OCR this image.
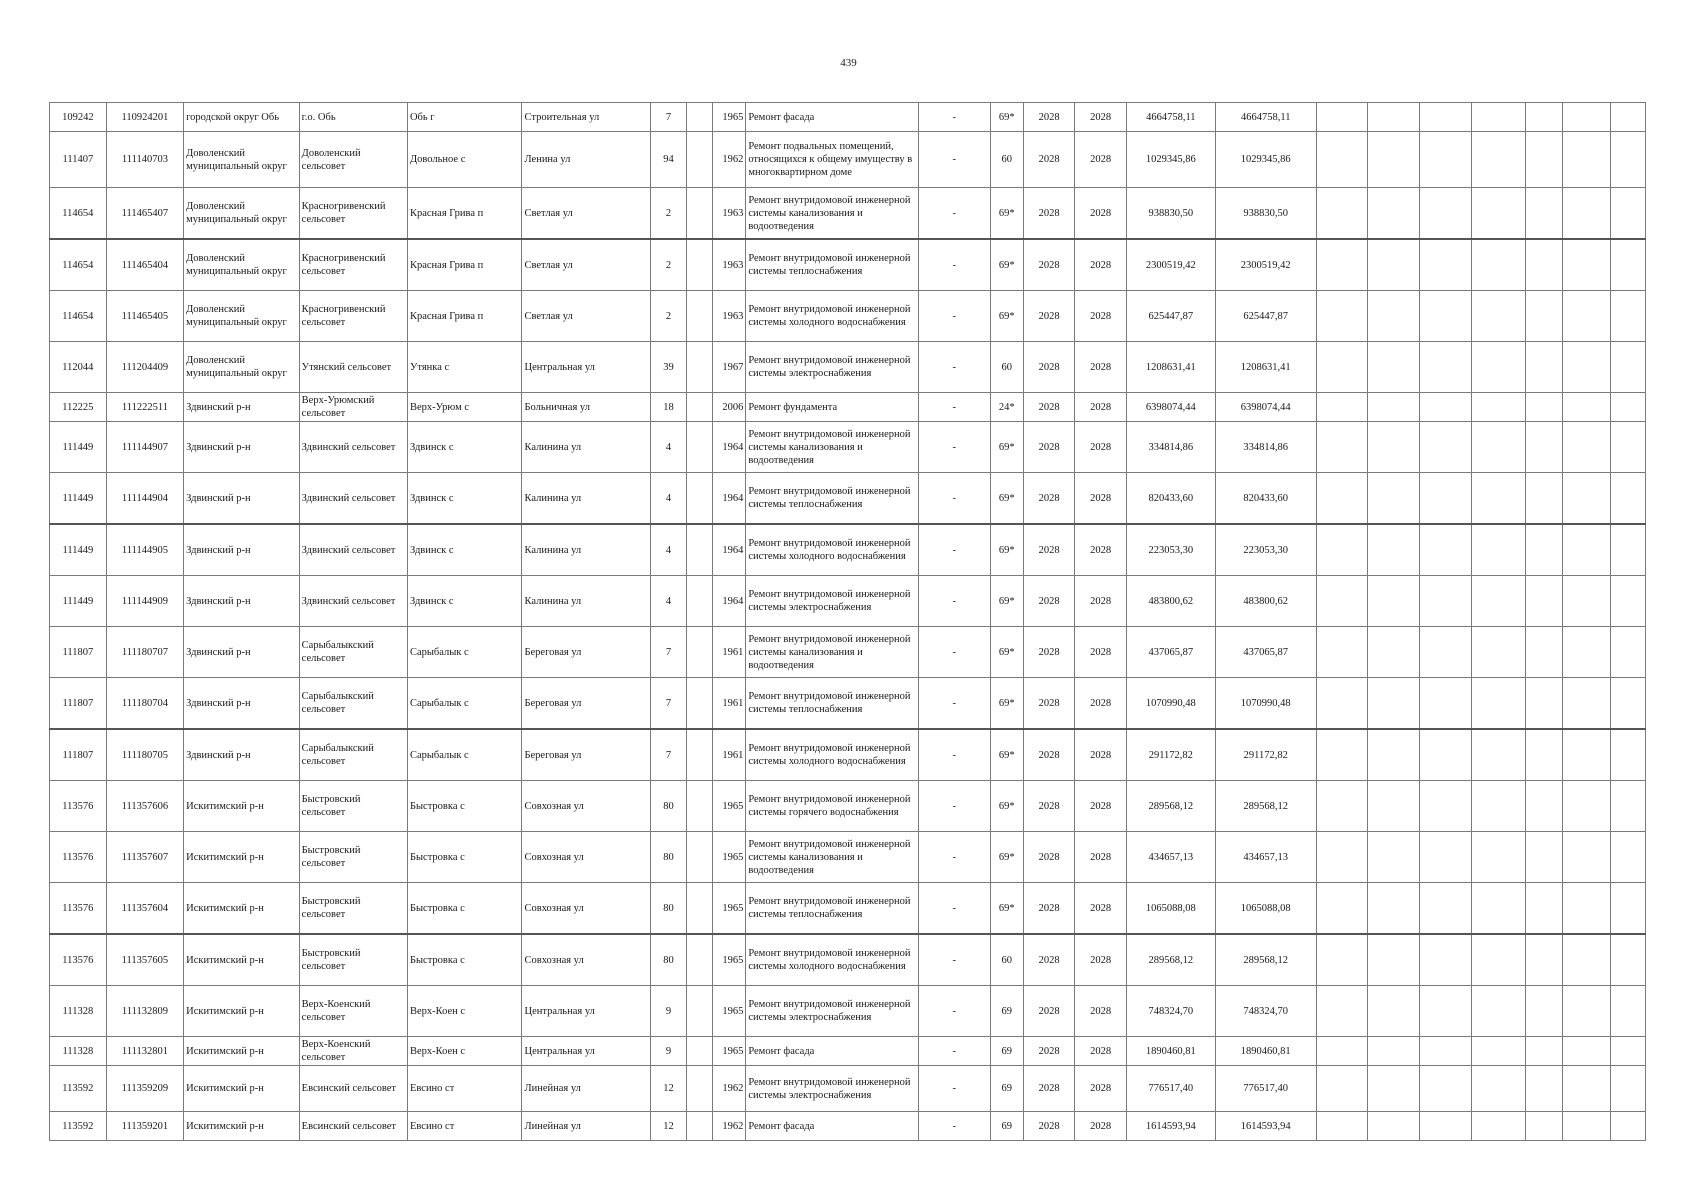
439
109242	110924201	городской округ Обь	г.о. Обь	Обь г	Строительная ул	7		1965	Ремонт фасада	-	69*	2028	2028	4664758,11	4664758,11							
111407	111140703	Доволенский муниципальный округ	Доволенский сельсовет	Довольное с	Ленина ул	94		1962	Ремонт подвальных помещений, относящихся к общему имуществу в многоквартирном доме	-	60	2028	2028	1029345,86	1029345,86							
114654	111465407	Доволенский муниципальный округ	Красногривенский сельсовет	Красная Грива п	Светлая ул	2		1963	Ремонт внутридомовой инженерной системы канализования и водоотведения	-	69*	2028	2028	938830,50	938830,50							
114654	111465404	Доволенский муниципальный округ	Красногривенский сельсовет	Красная Грива п	Светлая ул	2		1963	Ремонт внутридомовой инженерной системы теплоснабжения	-	69*	2028	2028	2300519,42	2300519,42							
114654	111465405	Доволенский муниципальный округ	Красногривенский сельсовет	Красная Грива п	Светлая ул	2		1963	Ремонт внутридомовой инженерной системы холодного водоснабжения	-	69*	2028	2028	625447,87	625447,87							
112044	111204409	Доволенский муниципальный округ	Утянский сельсовет	Утянка с	Центральная ул	39		1967	Ремонт внутридомовой инженерной системы электроснабжения	-	60	2028	2028	1208631,41	1208631,41							
112225	111222511	Здвинский р-н	Верх-Урюмский сельсовет	Верх-Урюм с	Больничная ул	18		2006	Ремонт фундамента	-	24*	2028	2028	6398074,44	6398074,44							
111449	111144907	Здвинский р-н	Здвинский сельсовет	Здвинск с	Калинина ул	4		1964	Ремонт внутридомовой инженерной системы канализования и водоотведения	-	69*	2028	2028	334814,86	334814,86							
111449	111144904	Здвинский р-н	Здвинский сельсовет	Здвинск с	Калинина ул	4		1964	Ремонт внутридомовой инженерной системы теплоснабжения	-	69*	2028	2028	820433,60	820433,60							
111449	111144905	Здвинский р-н	Здвинский сельсовет	Здвинск с	Калинина ул	4		1964	Ремонт внутридомовой инженерной системы холодного водоснабжения	-	69*	2028	2028	223053,30	223053,30							
111449	111144909	Здвинский р-н	Здвинский сельсовет	Здвинск с	Калинина ул	4		1964	Ремонт внутридомовой инженерной системы электроснабжения	-	69*	2028	2028	483800,62	483800,62							
111807	111180707	Здвинский р-н	Сарыбалыкский сельсовет	Сарыбалык с	Береговая ул	7		1961	Ремонт внутридомовой инженерной системы канализования и водоотведения	-	69*	2028	2028	437065,87	437065,87							
111807	111180704	Здвинский р-н	Сарыбалыкский сельсовет	Сарыбалык с	Береговая ул	7		1961	Ремонт внутридомовой инженерной системы теплоснабжения	-	69*	2028	2028	1070990,48	1070990,48							
111807	111180705	Здвинский р-н	Сарыбалыкский сельсовет	Сарыбалык с	Береговая ул	7		1961	Ремонт внутридомовой инженерной системы холодного водоснабжения	-	69*	2028	2028	291172,82	291172,82							
113576	111357606	Искитимский р-н	Быстровский сельсовет	Быстровка с	Совхозная ул	80		1965	Ремонт внутридомовой инженерной системы горячего водоснабжения	-	69*	2028	2028	289568,12	289568,12							
113576	111357607	Искитимский р-н	Быстровский сельсовет	Быстровка с	Совхозная ул	80		1965	Ремонт внутридомовой инженерной системы канализования и водоотведения	-	69*	2028	2028	434657,13	434657,13							
113576	111357604	Искитимский р-н	Быстровский сельсовет	Быстровка с	Совхозная ул	80		1965	Ремонт внутридомовой инженерной системы теплоснабжения	-	69*	2028	2028	1065088,08	1065088,08							
113576	111357605	Искитимский р-н	Быстровский сельсовет	Быстровка с	Совхозная ул	80		1965	Ремонт внутридомовой инженерной системы холодного водоснабжения	-	60	2028	2028	289568,12	289568,12							
111328	111132809	Искитимский р-н	Верх-Коенский сельсовет	Верх-Коен с	Центральная ул	9		1965	Ремонт внутридомовой инженерной системы электроснабжения	-	69	2028	2028	748324,70	748324,70							
111328	111132801	Искитимский р-н	Верх-Коенский сельсовет	Верх-Коен с	Центральная ул	9		1965	Ремонт фасада	-	69	2028	2028	1890460,81	1890460,81							
113592	111359209	Искитимский р-н	Евсинский сельсовет	Евсино ст	Линейная ул	12		1962	Ремонт внутридомовой инженерной системы электроснабжения	-	69	2028	2028	776517,40	776517,40							
113592	111359201	Искитимский р-н	Евсинский сельсовет	Евсино ст	Линейная ул	12		1962	Ремонт фасада	-	69	2028	2028	1614593,94	1614593,94							
